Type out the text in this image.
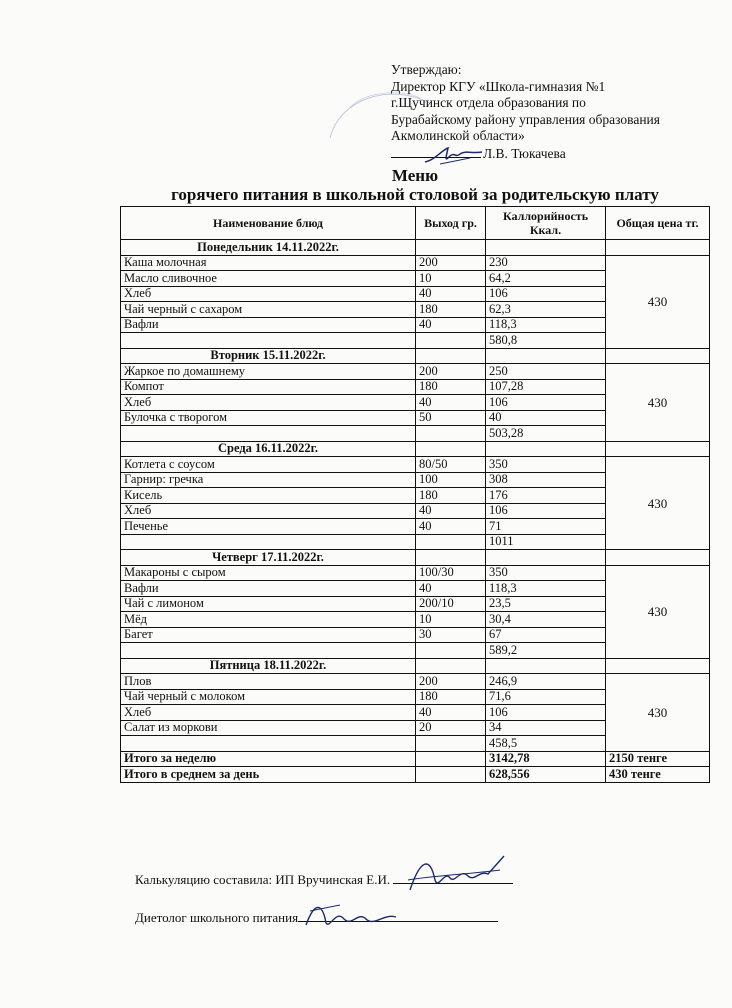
Утверждаю:
Директор КГУ «Школа-гимназия №1
г.Щучинск отдела образования по
Бурабайскому району управления образования
Акмолинской области»
Л.В. Тюкачева
Меню
горячего питания в школьной столовой за родительскую плату
Наименование блюд	Выход гр.	Каллорийность Ккал.	Общая цена тг.
Понедельник 14.11.2022г.			
Каша молочная	200	230	430
Масло сливочное	10	64,2	
Хлеб	40	106	
Чай черный с сахаром	180	62,3	
Вафли	40	118,3	
		580,8	
Вторник 15.11.2022г.			
Жаркое по домашнему	200	250	430
Компот	180	107,28	
Хлеб	40	106	
Булочка с творогом	50	40	
		503,28	
Среда 16.11.2022г.			
Котлета с соусом	80/50	350	430
Гарнир: гречка	100	308	
Кисель	180	176	
Хлеб	40	106	
Печенье	40	71	
		1011	
Четверг 17.11.2022г.			
Макароны с сыром	100/30	350	430
Вафли	40	118,3	
Чай с лимоном	200/10	23,5	
Мёд	10	30,4	
Багет	30	67	
		589,2	
Пятница 18.11.2022г.			
Плов	200	246,9	430
Чай черный с молоком	180	71,6	
Хлеб	40	106	
Салат из моркови	20	34	
		458,5	
Итого за неделю		3142,78	2150 тенге
Итого в среднем за день		628,556	430 тенге
Калькуляцию составила: ИП Вручинская Е.И.
Диетолог школьного питания
